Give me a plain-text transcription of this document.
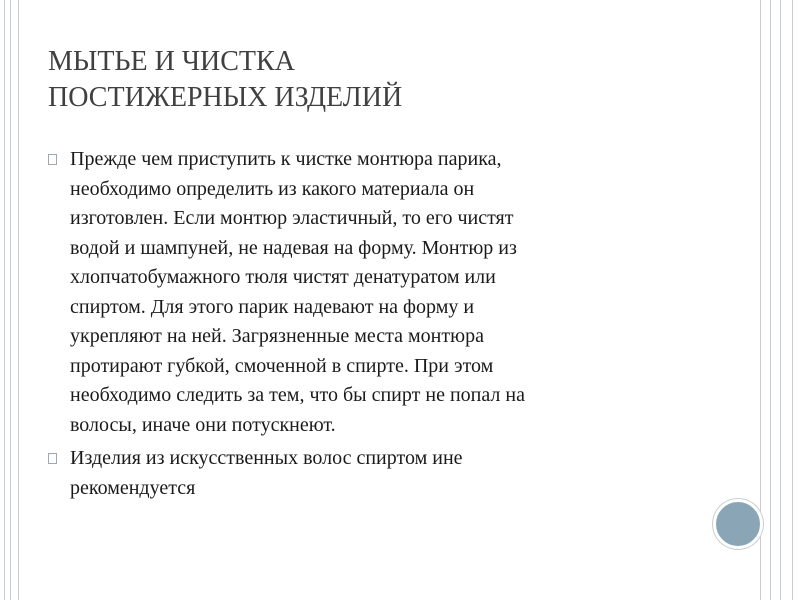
МЫТЬЕ И ЧИСТКА
ПОСТИЖЕРНЫХ ИЗДЕЛИЙ
Прежде чем приступить к чистке монтюра парика,
необходимо определить из какого материала он
изготовлен. Если монтюр эластичный, то его чистят
водой и шампуней, не надевая на форму. Монтюр из
хлопчатобумажного тюля чистят денатуратом или
спиртом. Для этого парик надевают на форму и
укрепляют на ней. Загрязненные места монтюра
протирают губкой, смоченной в спирте. При этом
необходимо следить за тем, что бы спирт не попал на
волосы, иначе они потускнеют.
Изделия из искусственных волос спиртом ине
рекомендуется
